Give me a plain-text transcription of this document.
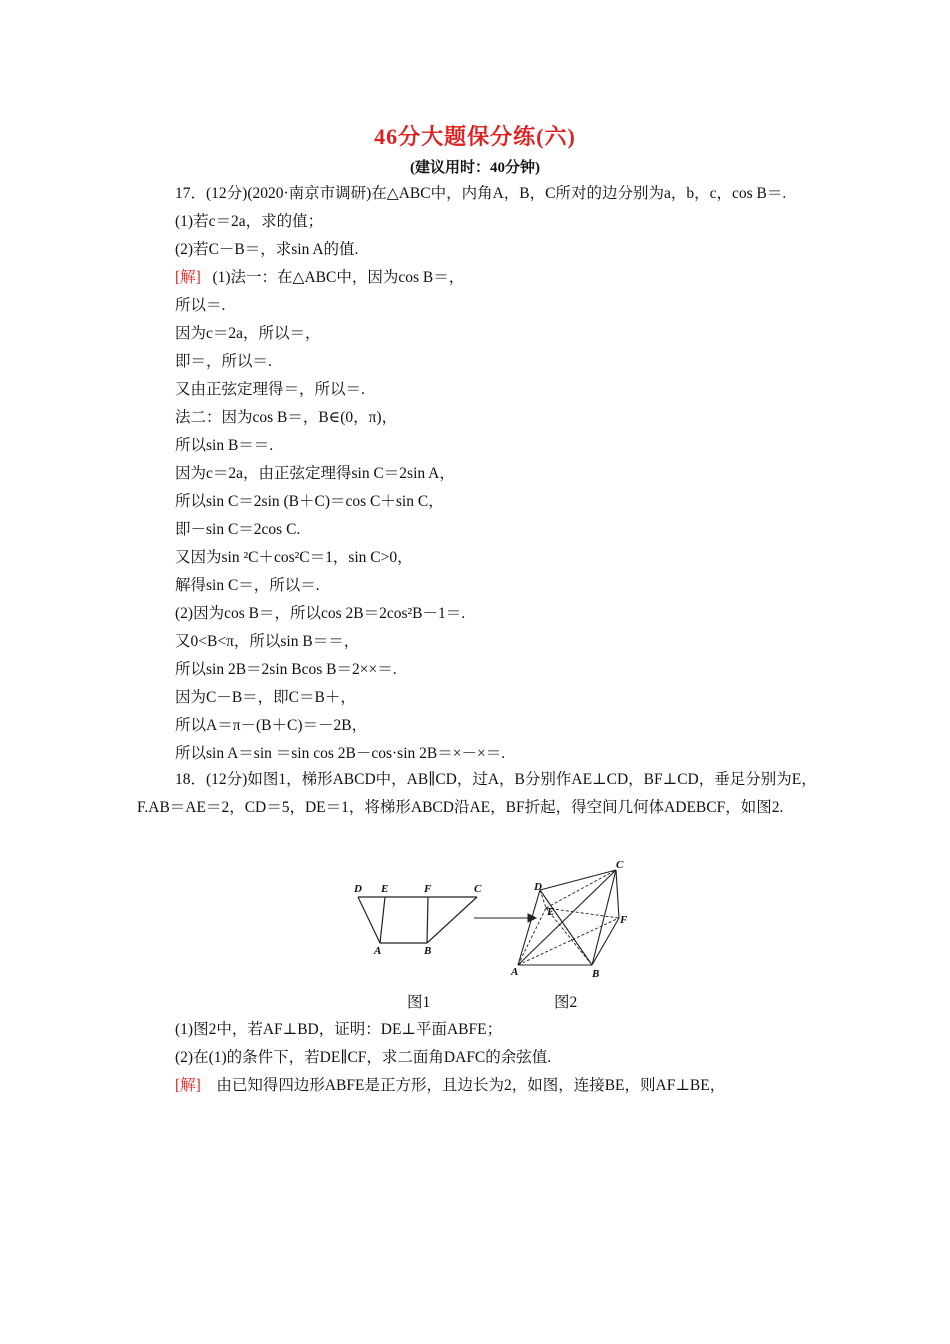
46分大题保分练(六)
(建议用时：40分钟)
17．(12分)(2020·南京市调研)在△ABC中，内角A，B，C所对的边分别为a，b，c，cos B＝.
(1)若c＝2a，求的值；
(2)若C－B＝，求sin A的值.
[解] (1)法一：在△ABC中，因为cos B＝，
所以＝.
因为c＝2a，所以＝，
即＝，所以＝.
又由正弦定理得＝，所以＝.
法二：因为cos B＝，B∈(0，π)，
所以sin B＝＝.
因为c＝2a，由正弦定理得sin C＝2sin A，
所以sin C＝2sin (B＋C)＝cos C＋sin C，
即－sin C＝2cos C.
又因为sin ²C＋cos²C＝1，sin C>0，
解得sin C＝，所以＝.
(2)因为cos B＝，所以cos 2B＝2cos²B－1＝.
又0<B<π，所以sin B＝＝，
所以sin 2B＝2sin Bcos B＝2××＝.
因为C－B＝，即C＝B＋，
所以A＝π－(B＋C)＝－2B，
所以sin A＝sin ＝sin cos 2B－cos·sin 2B＝×－×＝.
18．(12分)如图1，梯形ABCD中，AB∥CD，过A，B分别作AE⊥CD，BF⊥CD，垂足分别为E，F.AB＝AE＝2，CD＝5，DE＝1，将梯形ABCD沿AE，BF折起，得空间几何体ADEBCF，如图2.
D E	F	C
A	B
D
E
C
F
A	B
图1	图2
(1)图2中，若AF⊥BD，证明：DE⊥平面ABFE；
(2)在(1)的条件下，若DE∥CF，求二面角DAFC的余弦值.
[解] 由已知得四边形ABFE是正方形，且边长为2，如图，连接BE，则AF⊥BE，
